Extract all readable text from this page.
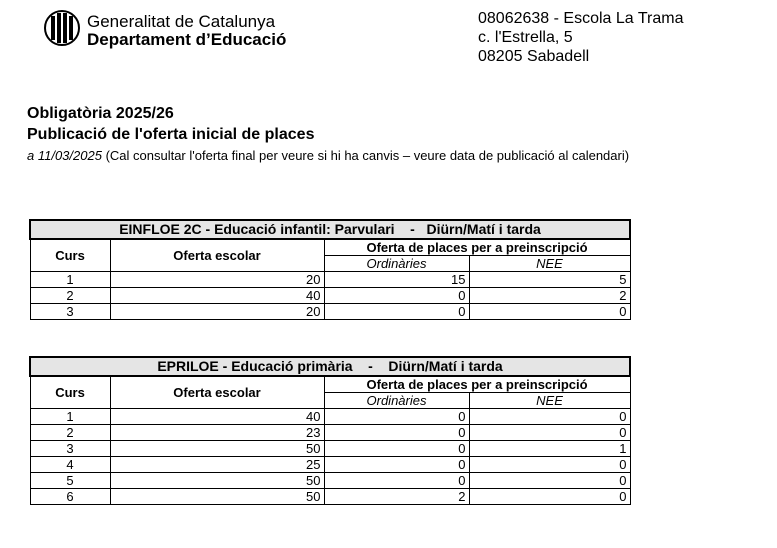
Generalitat de Catalunya
Departament d’Educació
08062638 - Escola La Trama
c. l'Estrella, 5
08205 Sabadell
Obligatòria 2025/26
Publicació de l'oferta inicial de places
a 11/03/2025 (Cal consultar l'oferta final per veure si hi ha canvis – veure data de publicació al calendari)
EINFLOE 2C - Educació infantil: Parvulari    -   Diürn/Matí i tarda			
Curs	Oferta escolar	Oferta de places per a preinscripció	
		Ordinàries	NEE
1	20	15	5
2	40	0	2
3	20	0	0
EPRILOE - Educació primària    -    Diürn/Matí i tarda			
Curs	Oferta escolar	Oferta de places per a preinscripció	
		Ordinàries	NEE
1	40	0	0
2	23	0	0
3	50	0	1
4	25	0	0
5	50	0	0
6	50	2	0
